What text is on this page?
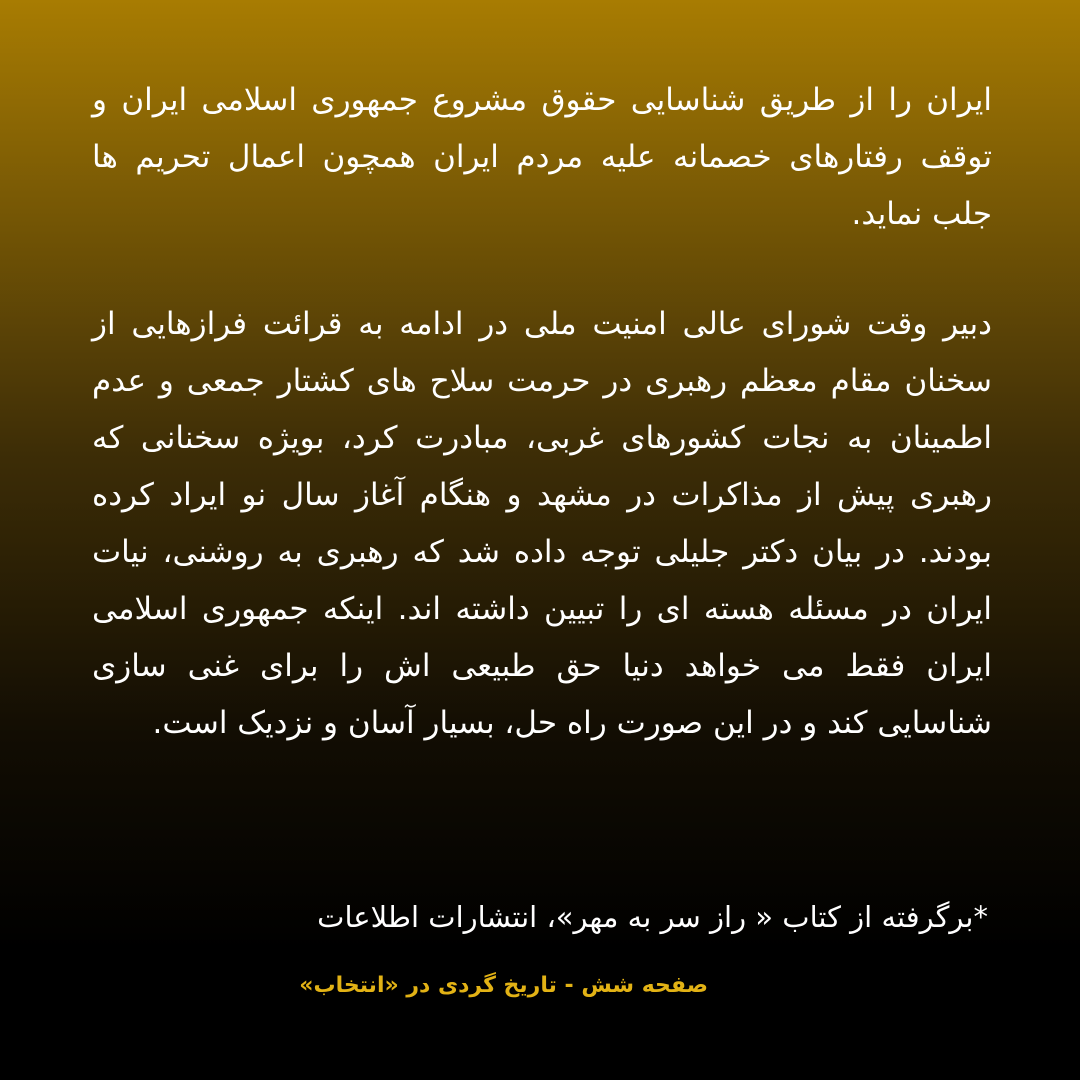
ایران را از طریق شناسایی حقوق مشروع جمهوری اسلامی ایران و توقف رفتارهای خصمانه علیه مردم ایران همچون اعمال تحریم ها جلب نماید.

دبیر وقت شورای عالی امنیت ملی در ادامه به قرائت فرازهایی از سخنان مقام معظم رهبری در حرمت سلاح های کشتار جمعی و عدم اطمینان به نجات کشورهای غربی، مبادرت کرد، بویژه سخنانی که رهبری پیش از مذاکرات در مشهد و هنگام آغاز سال نو ایراد کرده بودند. در بیان دکتر جلیلی توجه داده شد که رهبری به روشنی، نیات ایران در مسئله هسته ای را تبیین داشته اند. اینکه جمهوری اسلامی ایران فقط می خواهد دنیا حق طبیعی اش را برای غنی سازی شناسایی کند و در این صورت راه حل، بسیار آسان و نزدیک است.

*برگرفته از کتاب « راز سر به مهر»، انتشارات اطلاعات

صفحه شش - تاریخ گردی در «انتخاب»
